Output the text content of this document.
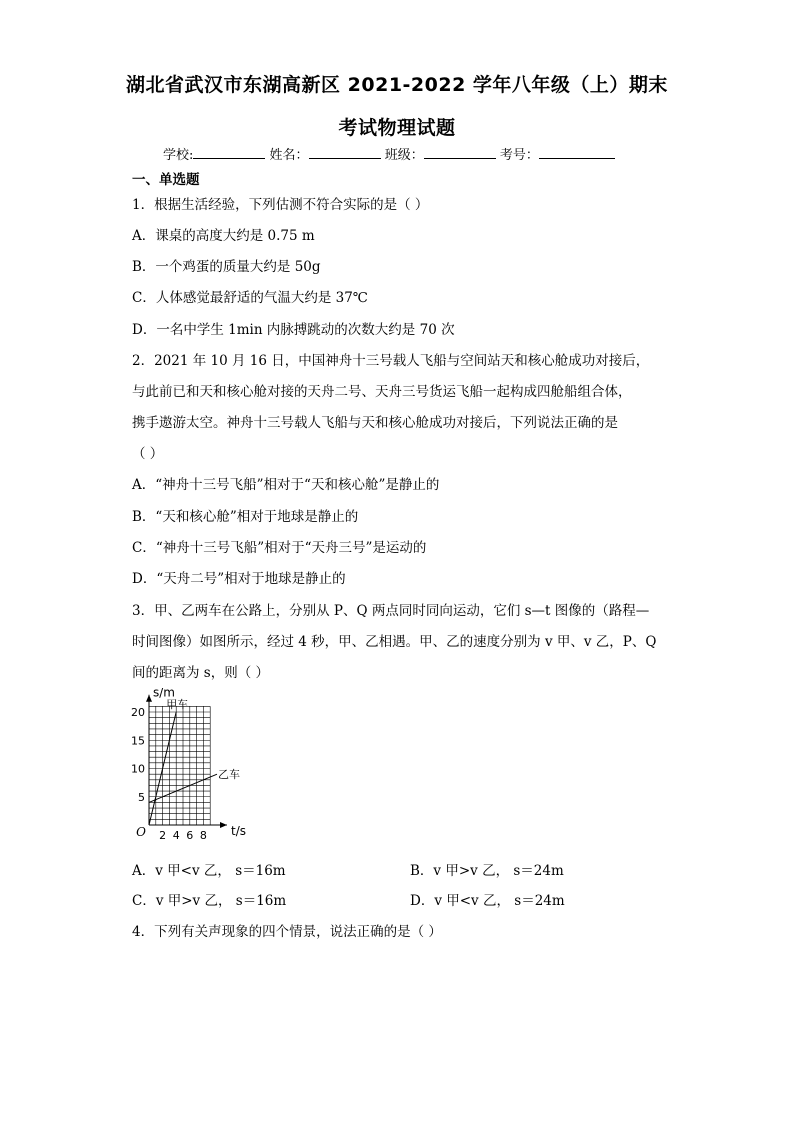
湖北省武汉市东湖高新区 2021-2022 学年八年级（上）期末
考试物理试题
学校:	姓名：	班级：	考号：
一、单选题
1．根据生活经验，下列估测不符合实际的是（ ）
A．课桌的高度大约是 0.75 m
B．一个鸡蛋的质量大约是 50g
C．人体感觉最舒适的气温大约是 37℃
D．一名中学生 1min 内脉搏跳动的次数大约是 70 次
2．2021 年 10 月 16 日，中国神舟十三号载人飞船与空间站天和核心舱成功对接后，
与此前已和天和核心舱对接的天舟二号、天舟三号货运飞船一起构成四舱船组合体，
携手遨游太空。神舟十三号载人飞船与天和核心舱成功对接后，下列说法正确的是
（ ）
A．“神舟十三号飞船”相对于“天和核心舱”是静止的
B．“天和核心舱”相对于地球是静止的
C．“神舟十三号飞船”相对于“天舟三号”是运动的
D．“天舟二号”相对于地球是静止的
3．甲、乙两车在公路上，分别从 P、Q 两点同时同向运动，它们 s—t 图像的（路程—
时间图像）如图所示，经过 4 秒，甲、乙相遇。甲、乙的速度分别为 v 甲、v 乙，P、Q
间的距离为 s，则（ ）
甲车
乙车
2 4 6 8
5
10
15
20
O	t/s
s/m
A．v 甲<v 乙， s＝16m	B．v 甲>v 乙， s＝24m
C．v 甲>v 乙， s＝16m	D．v 甲<v 乙， s＝24m
4．下列有关声现象的四个情景，说法正确的是（ ）
